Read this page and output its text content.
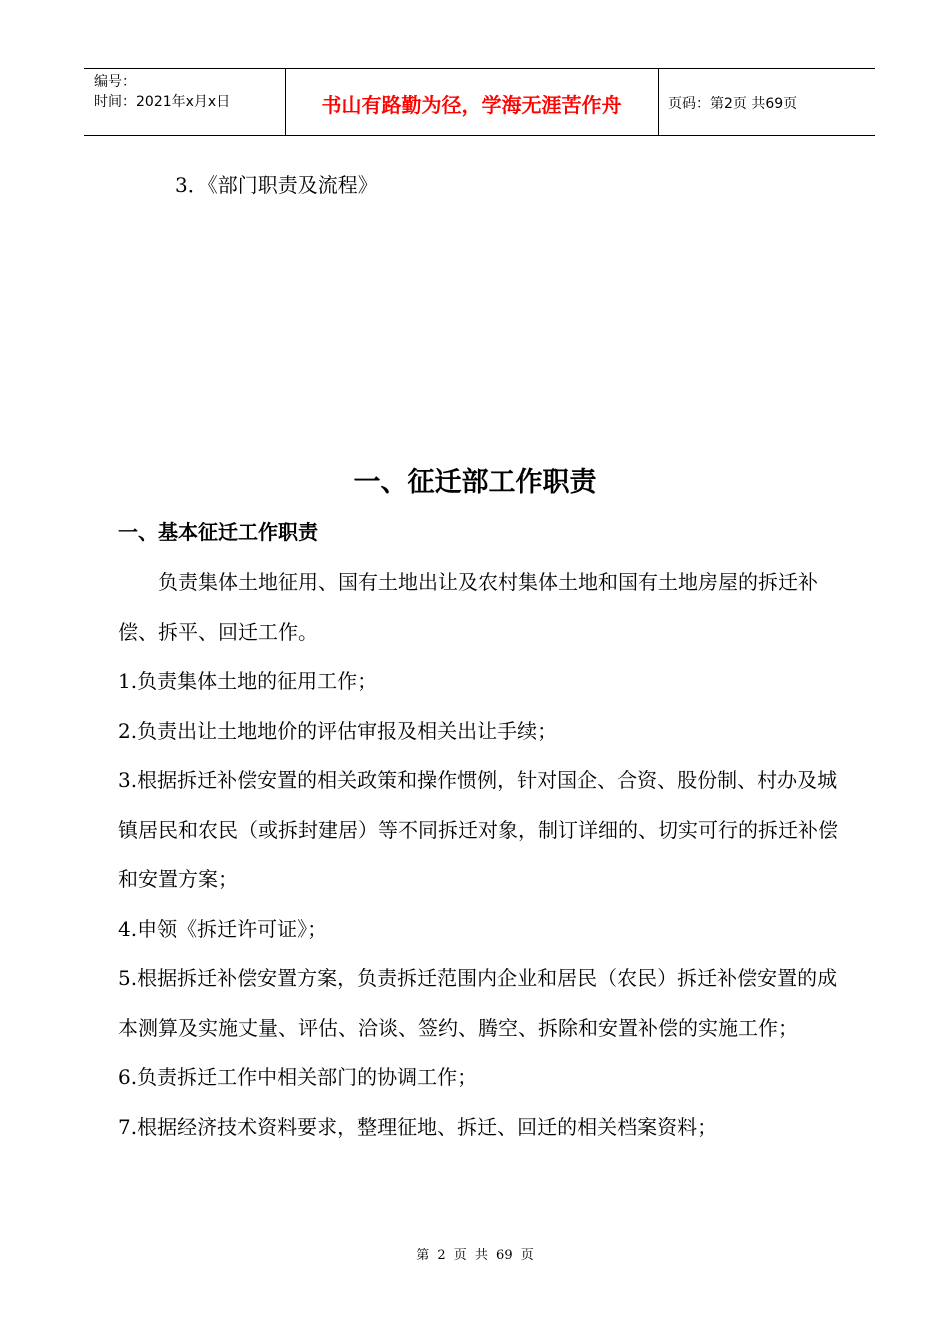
编号：
时间：2021年x月x日	书山有路勤为径，学海无涯苦作舟	页码：第2页 共69页
3．《部门职责及流程》
一、征迁部工作职责
一、基本征迁工作职责

负责集体土地征用、国有土地出让及农村集体土地和国有土地房屋的拆迁补偿、拆平、回迁工作。

1.负责集体土地的征用工作；

2.负责出让土地地价的评估审报及相关出让手续；

3.根据拆迁补偿安置的相关政策和操作惯例，针对国企、合资、股份制、村办及城镇居民和农民（或拆封建居）等不同拆迁对象，制订详细的、切实可行的拆迁补偿和安置方案；

4.申领《拆迁许可证》；

5.根据拆迁补偿安置方案，负责拆迁范围内企业和居民（农民）拆迁补偿安置的成本测算及实施丈量、评估、洽谈、签约、腾空、拆除和安置补偿的实施工作；

6.负责拆迁工作中相关部门的协调工作；

7.根据经济技术资料要求，整理征地、拆迁、回迁的相关档案资料；

第 2 页 共 69 页
